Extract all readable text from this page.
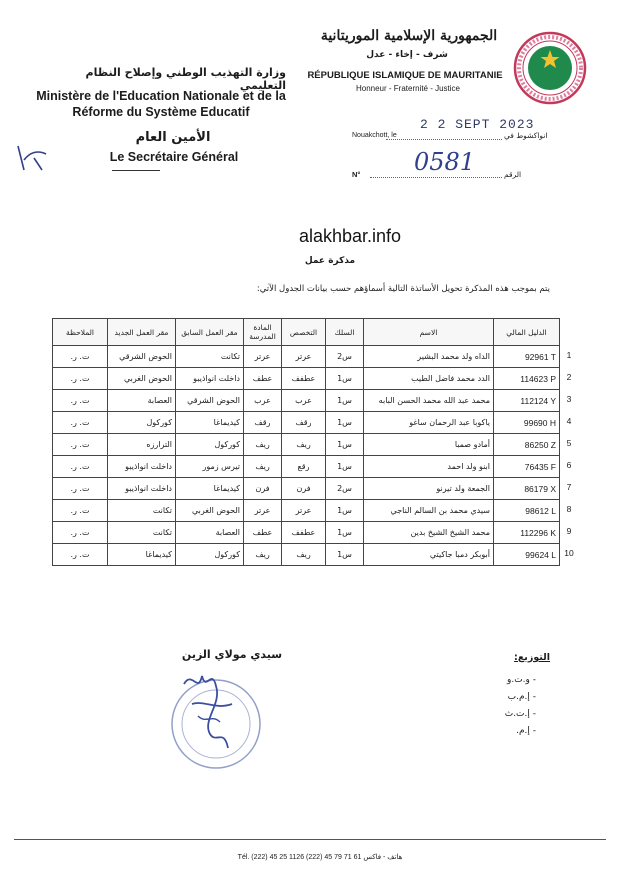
وزارة التهذيب الوطني وإصلاح النظام التعليمي
Ministère de l'Education Nationale et de la Réforme du Système Educatif
الأمين العام
Le Secrétaire Général
الجمهورية الإسلامية الموريتانية
شرف - إخاء - عدل
RÉPUBLIQUE ISLAMIQUE DE MAURITANIE
Honneur - Fraternité - Justice
Nouakchott, le
2 2 SEPT 2023
انواكشوط في
N° 0581	الرقم
alakhbar.info
مذكرة عمل
يتم بموجب هذه المذكرة تحويل الأساتذة التالية أسماؤهم حسب بيانات الجدول الآتي:
الدليل المالي	الاسم	السلك	التخصص	المادة المدرسة	مقر العمل السابق	مقر العمل الجديد	الملاحظة
92961 T	الداه ولد محمد البشير	س2	عرتر	عرتر	تكانت	الحوض الشرقي	ت. ر.
114623 P	الدد محمد فاضل الطيب	س1	عطفف	عطف	داخلت انواذيبو	الحوض الغربي	ت. ر.
112124 Y	محمد عبد الله محمد الحسن البابه	س1	عرب	عرب	الحوض الشرقي	العصابة	ت. ر.
99690 H	ياكوبا عبد الرحمان ساغو	س1	رقف	رقف	كيديماغا	كوركول	ت. ر.
86250 Z	أمادو صمبا	س1	ريف	ريف	كوركول	الترارزه	ت. ر.
76435 F	ابنو ولد احمد	س1	رقع	ريف	تيرس زمور	داخلت انواذيبو	ت. ر.
86179 X	الجمعة ولد تيرنو	س2	فرن	فرن	كيديماغا	داخلت انواذيبو	ت. ر.
98612 L	سيدي محمد بن السالم الناجي	س1	عرتر	عرتر	الحوض الغربي	تكانت	ت. ر.
112296 K	محمد الشيخ الشيخ بدين	س1	عطفف	عطف	العصابة	تكانت	ت. ر.
99624 L	أبوبكر دمبا جاكيتي	س1	ريف	ريف	كوركول	كيديماغا	ت. ر.
1
2
3
4
5
6
7
8
9
10
سيدي مولاي الزين	التوزيع:
- و.ت.و
- إ.م.ب
- إ.ت.ث
- إ.م.
Tél. (222) 45 25 1126 هاتف - فاكس 61 71 79 45 (222)
